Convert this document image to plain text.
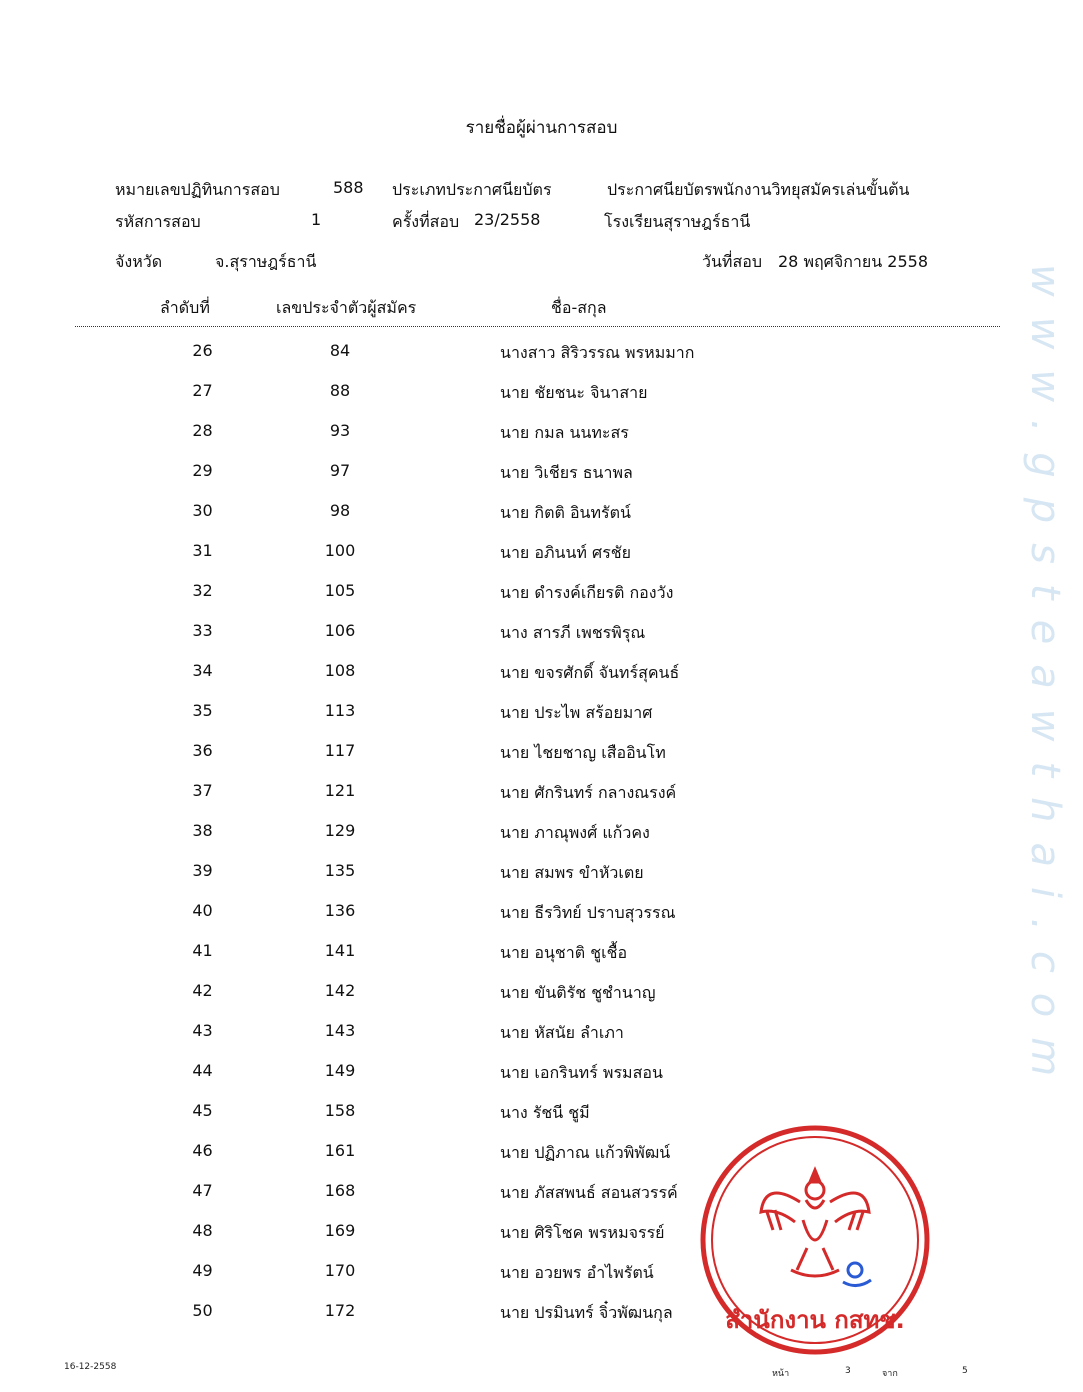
รายชื่อผู้ผ่านการสอบ
หมายเลขปฏิทินการสอบ	588 ประเภทประกาศนียบัตร	ประกาศนียบัตรพนักงานวิทยุสมัครเล่นขั้นต้น
รหัสการสอบ	1	ครั้งที่สอบ 23/2558	โรงเรียนสุราษฎร์ธานี
จังหวัด	จ.สุราษฎร์ธานี	วันที่สอบ 28 พฤศจิกายน 2558
ลำดับที่	เลขประจำตัวผู้สมัคร	ชื่อ-สกุล
26	84	นางสาว สิริวรรณ พรหมมาก
27	88	นาย ชัยชนะ จินาสาย
28	93	นาย กมล นนทะสร
29	97	นาย วิเชียร ธนาพล
30	98	นาย กิตติ อินทรัตน์
31	100	นาย อภินนท์ ศรชัย
32	105	นาย ดำรงค์เกียรติ กองวัง
33	106	นาง สารภี เพชรพิรุณ
34	108	นาย ขจรศักดิ์ จันทร์สุคนธ์
35	113	นาย ประไพ สร้อยมาศ
36	117	นาย ไชยชาญ เสืออินโท
37	121	นาย ศักรินทร์ กลางณรงค์
38	129	นาย ภาณุพงศ์ แก้วคง
39	135	นาย สมพร ขำหัวเตย
40	136	นาย ธีรวิทย์ ปราบสุวรรณ
41	141	นาย อนุชาติ ชูเชื้อ
42	142	นาย ขันติรัช ชูชำนาญ
43	143	นาย หัสนัย ลำเภา
44	149	นาย เอกรินทร์ พรมสอน
45	158	นาง รัชนี ชูมี
46	161	นาย ปฏิภาณ แก้วพิพัฒน์
47	168	นาย ภัสสพนธ์ สอนสวรรค์
48	169	นาย ศิริโชค พรหมจรรย์
49	170	นาย อวยพร อำไพรัตน์
50	172	นาย ปรมินทร์ จิ๋วพัฒนกุล
www.gpsteawthai.com
สำนักงาน กสทช.
16-12-2558
หน้า	3	จาก	5
